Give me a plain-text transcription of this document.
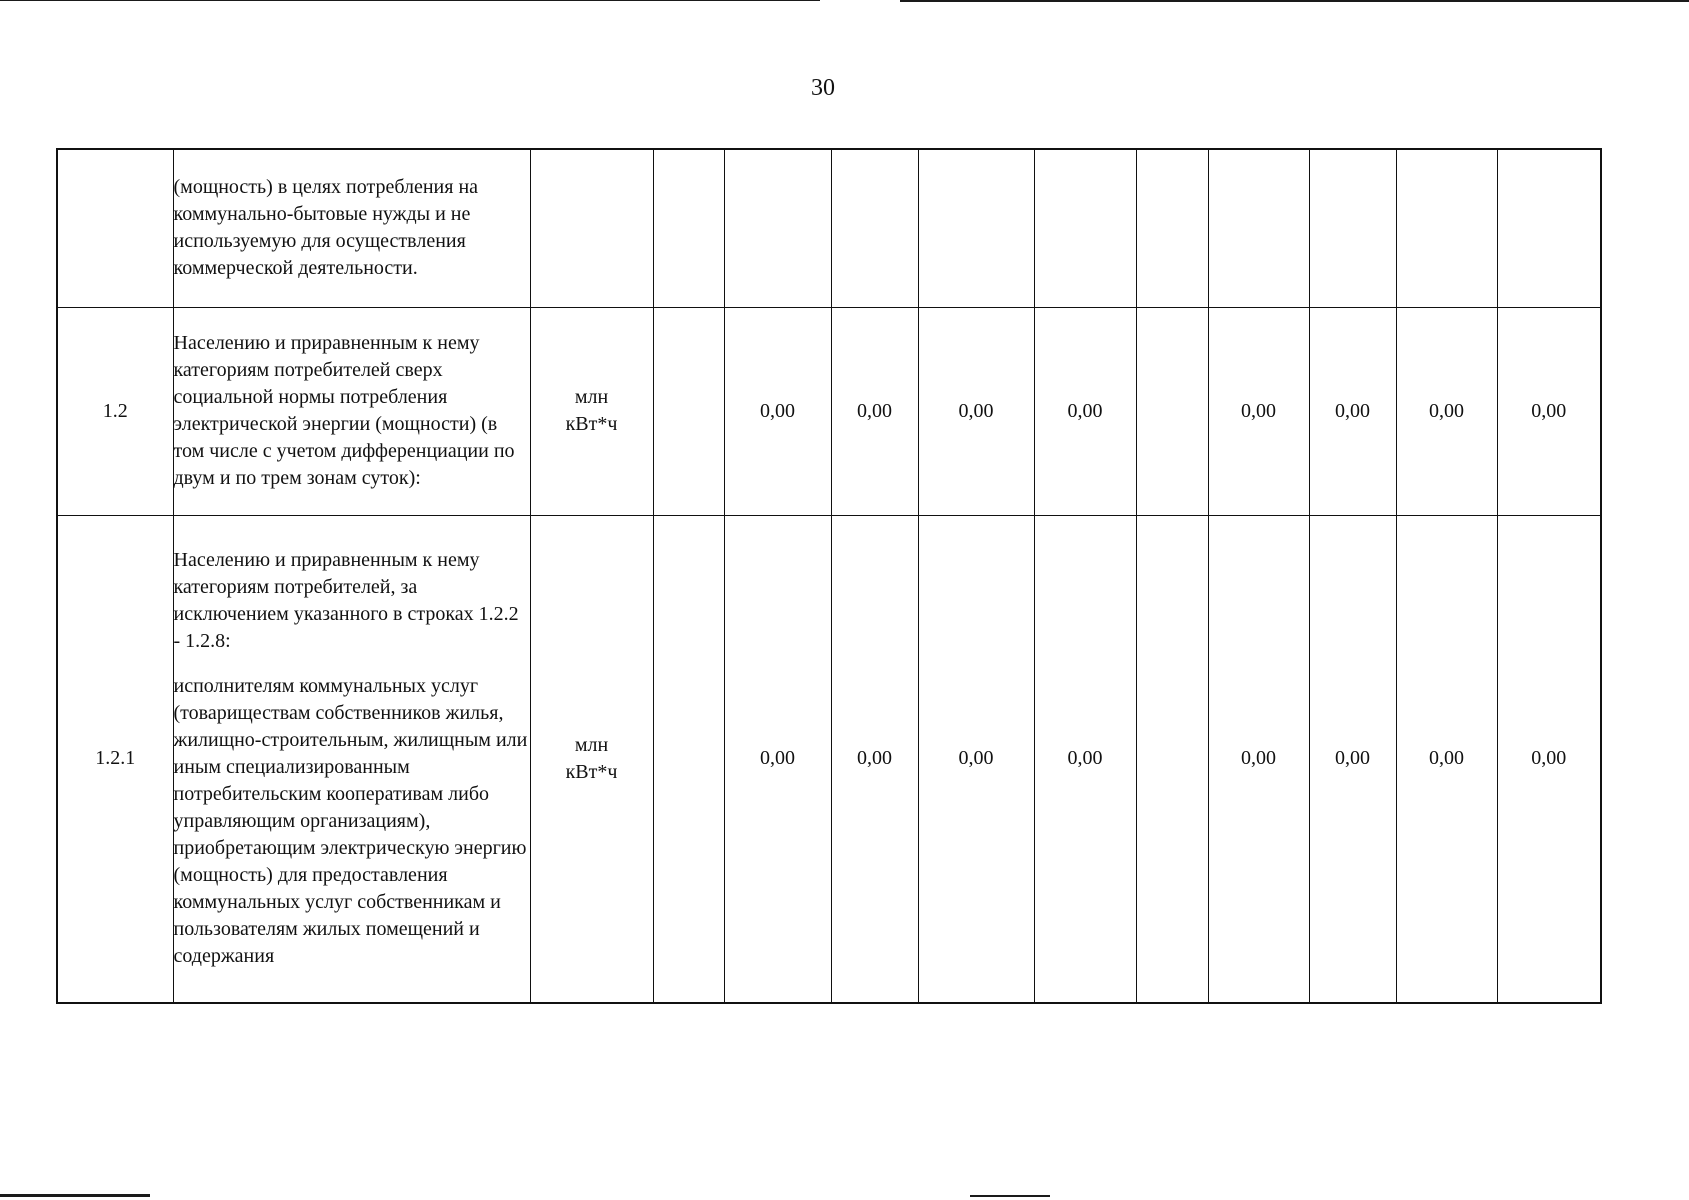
30

	(мощность) в целях потребления на коммунально-бытовые нужды и не используемую для осуществления коммерческой деятельности.											

1.2	Населению и приравненным к нему категориям потребителей сверх социальной нормы потребления электрической энергии (мощности) (в том числе с учетом дифференциации по двум и по трем зонам суток):	млн
кВт*ч		0,00	0,00	0,00	0,00		0,00	0,00	0,00	0,00
1.2.1	Населению и приравненным к нему категориям потребителей, за исключением указанного в строках 1.2.2 - 1.2.8:
исполнителям коммунальных услуг (товариществам собственников жилья, жилищно-строительным, жилищным или иным специализированным потребительским кооперативам либо управляющим организациям), приобретающим электрическую энергию (мощность) для предоставления коммунальных услуг собственникам и пользователям жилых помещений и содержания	млн
кВт*ч		0,00	0,00	0,00	0,00		0,00	0,00	0,00	0,00
